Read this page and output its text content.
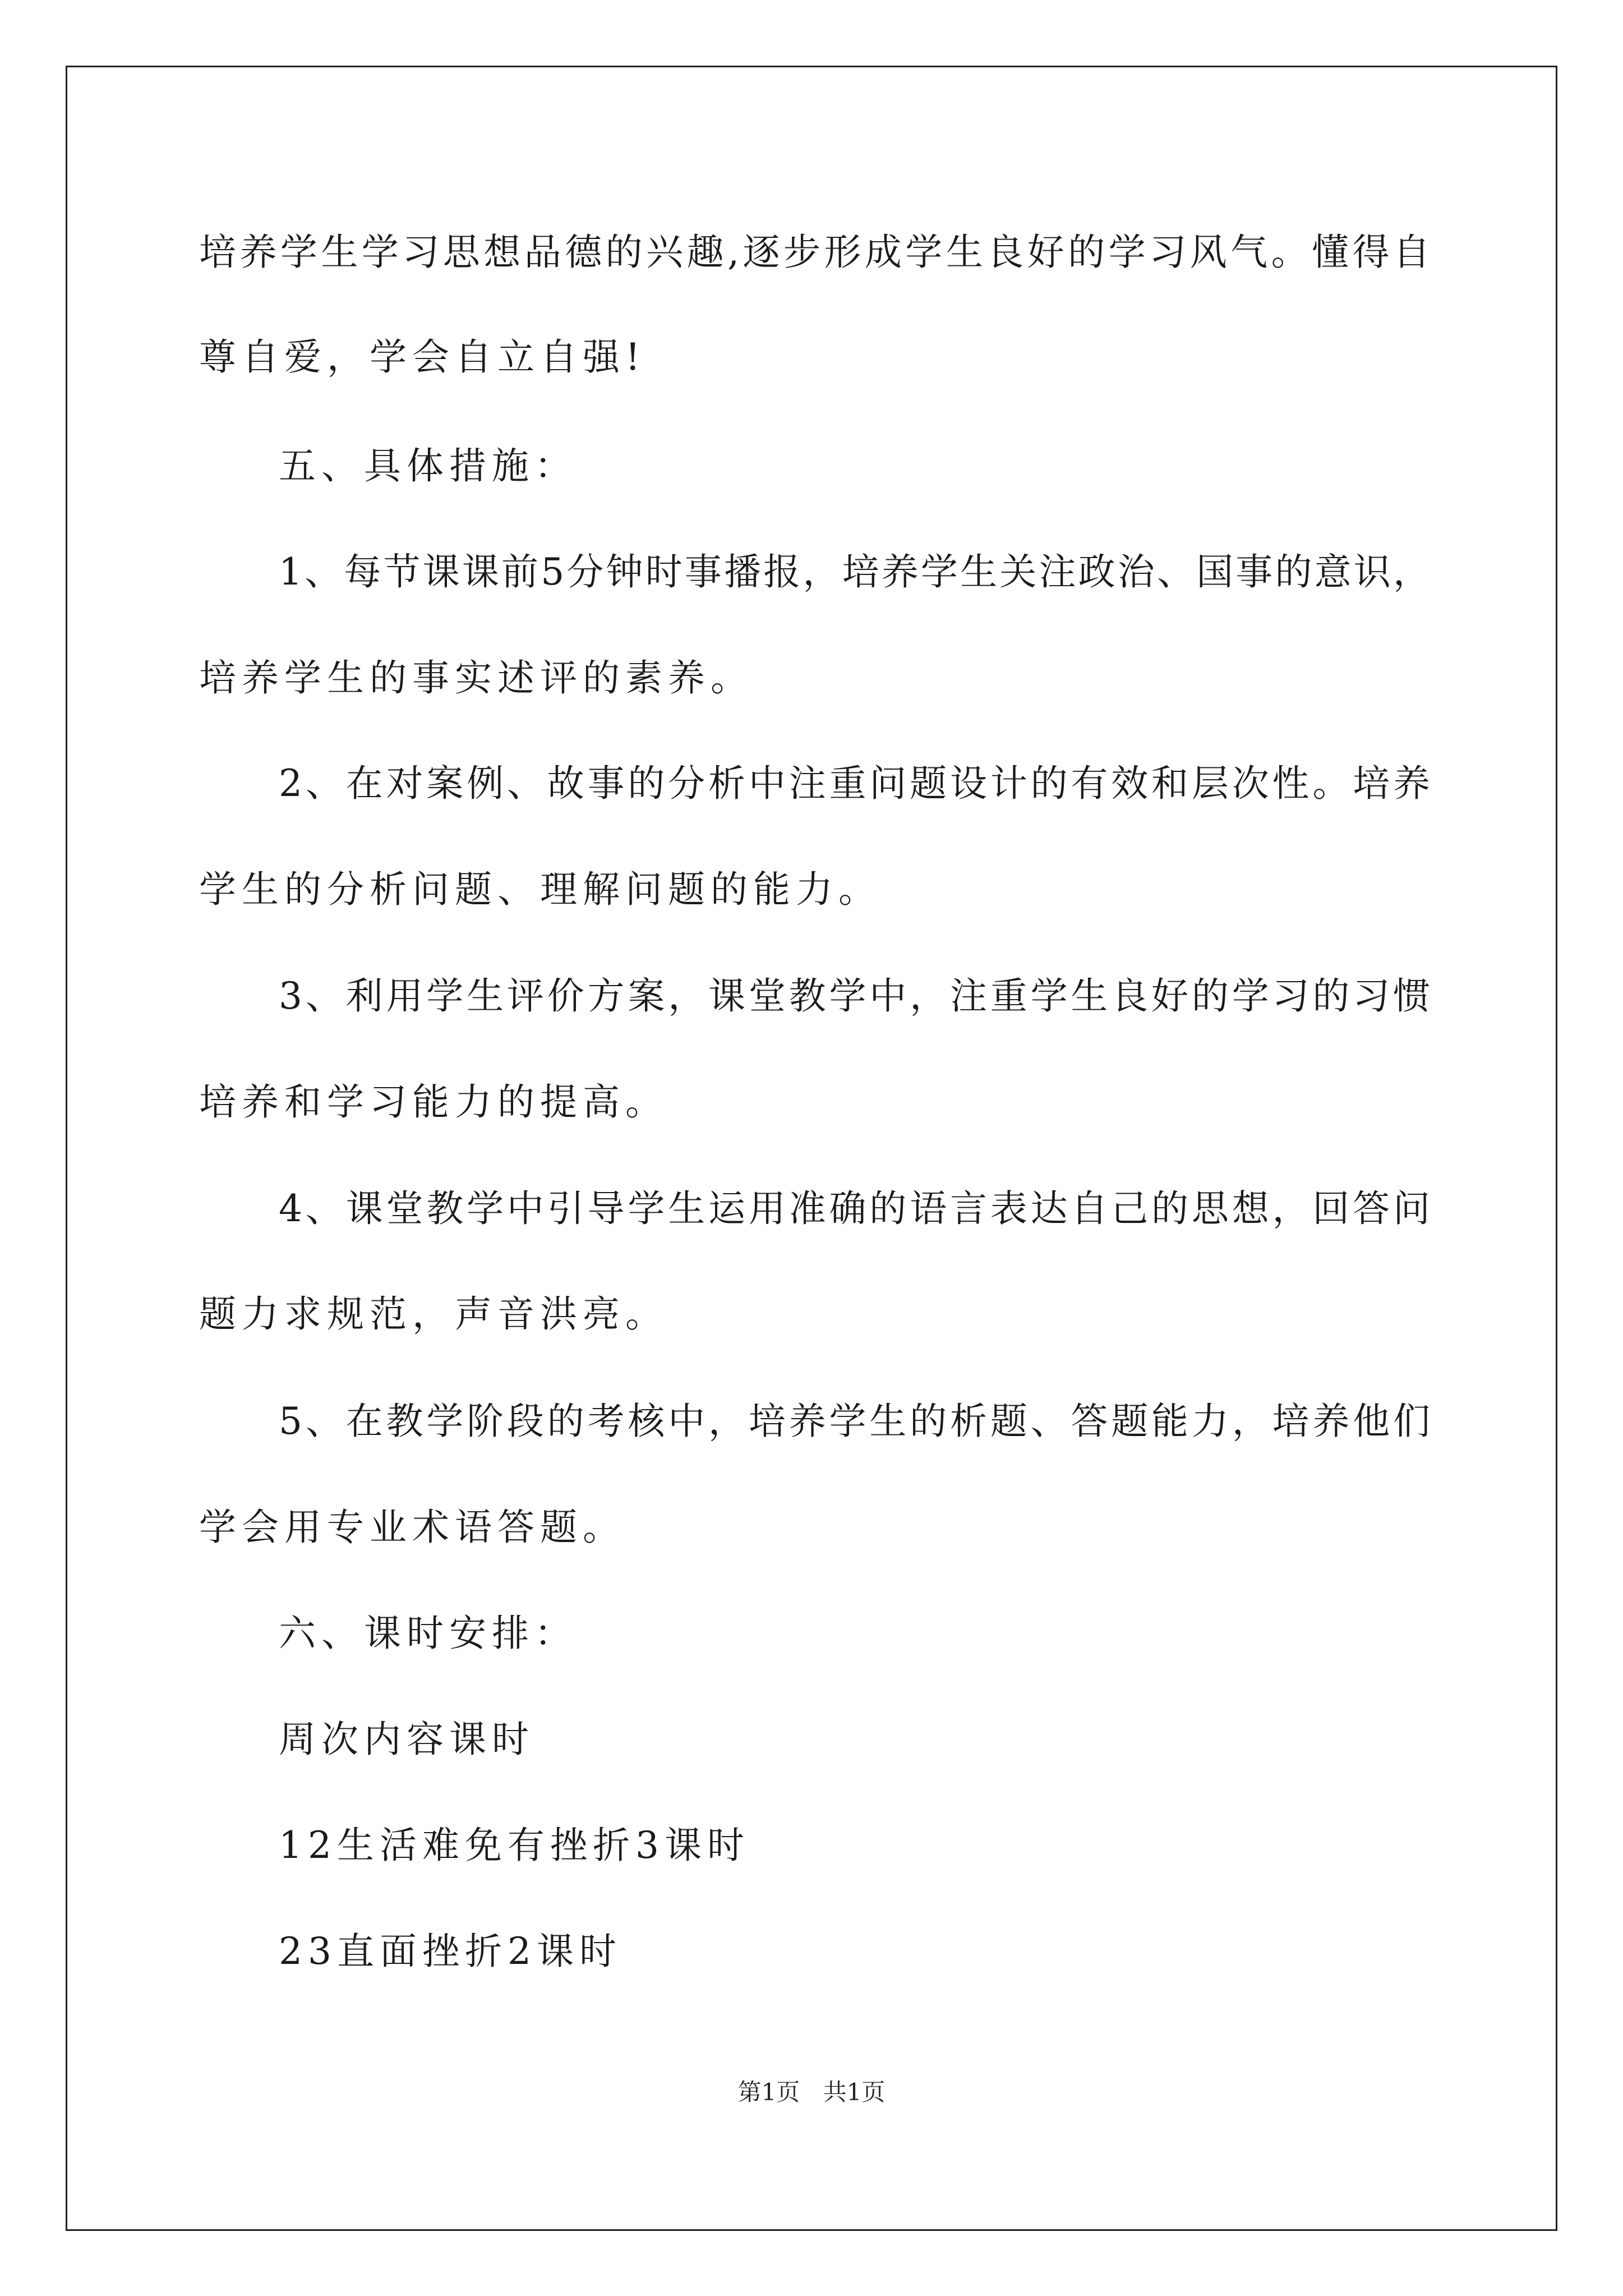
培养学生学习思想品德的兴趣,逐步形成学生良好的学习风气。懂得自
尊自爱，学会自立自强!
五、具体措施：
1、每节课课前5分钟时事播报，培养学生关注政治、国事的意识，
培养学生的事实述评的素养。
2、在对案例、故事的分析中注重问题设计的有效和层次性。培养
学生的分析问题、理解问题的能力。
3、利用学生评价方案，课堂教学中，注重学生良好的学习的习惯
培养和学习能力的提高。
4、课堂教学中引导学生运用准确的语言表达自己的思想，回答问
题力求规范，声音洪亮。
5、在教学阶段的考核中，培养学生的析题、答题能力，培养他们
学会用专业术语答题。
六、课时安排：
周次内容课时
12生活难免有挫折3课时
23直面挫折2课时
第1页 共1页
